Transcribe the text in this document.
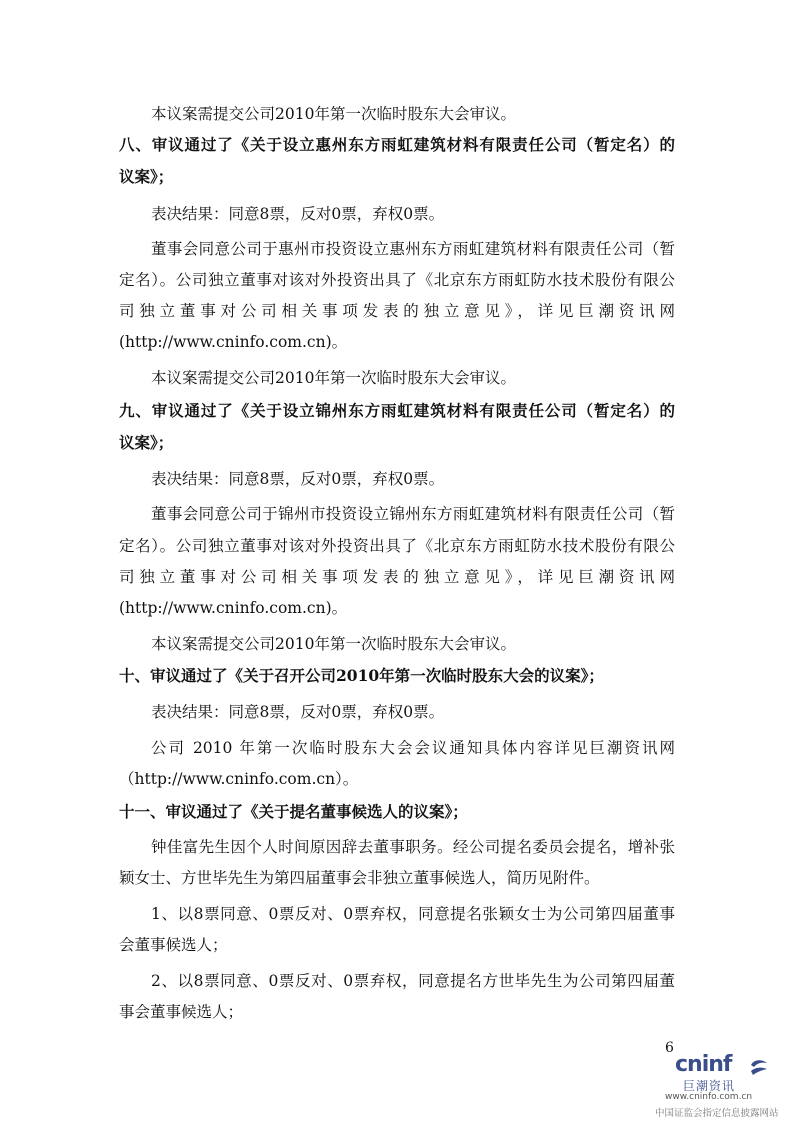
本议案需提交公司2010年第一次临时股东大会审议。
八、审议通过了《关于设立惠州东方雨虹建筑材料有限责任公司（暂定名）的
议案》；
表决结果：同意8票，反对0票，弃权0票。
董事会同意公司于惠州市投资设立惠州东方雨虹建筑材料有限责任公司（暂
定名）。公司独立董事对该对外投资出具了《北京东方雨虹防水技术股份有限公
司独立董事对公司相关事项发表的独立意见》，详见巨潮资讯网
(http://www.cninfo.com.cn)。
本议案需提交公司2010年第一次临时股东大会审议。
九、审议通过了《关于设立锦州东方雨虹建筑材料有限责任公司（暂定名）的
议案》；
表决结果：同意8票，反对0票，弃权0票。
董事会同意公司于锦州市投资设立锦州东方雨虹建筑材料有限责任公司（暂
定名）。公司独立董事对该对外投资出具了《北京东方雨虹防水技术股份有限公
司独立董事对公司相关事项发表的独立意见》，详见巨潮资讯网
(http://www.cninfo.com.cn)。
本议案需提交公司2010年第一次临时股东大会审议。
十、审议通过了《关于召开公司2010年第一次临时股东大会的议案》；
表决结果：同意8票，反对0票，弃权0票。
公司 2010 年第一次临时股东大会会议通知具体内容详见巨潮资讯网
（http://www.cninfo.com.cn）。
十一、审议通过了《关于提名董事候选人的议案》；
钟佳富先生因个人时间原因辞去董事职务。经公司提名委员会提名，增补张
颖女士、方世毕先生为第四届董事会非独立董事候选人，简历见附件。
1、以8票同意、0票反对、0票弃权，同意提名张颖女士为公司第四届董事
会董事候选人；
2、以8票同意、0票反对、0票弃权，同意提名方世毕先生为公司第四届董
事会董事候选人；
6
cninf
巨潮资讯
www.cninfo.com.cn
中国证监会指定信息披露网站
